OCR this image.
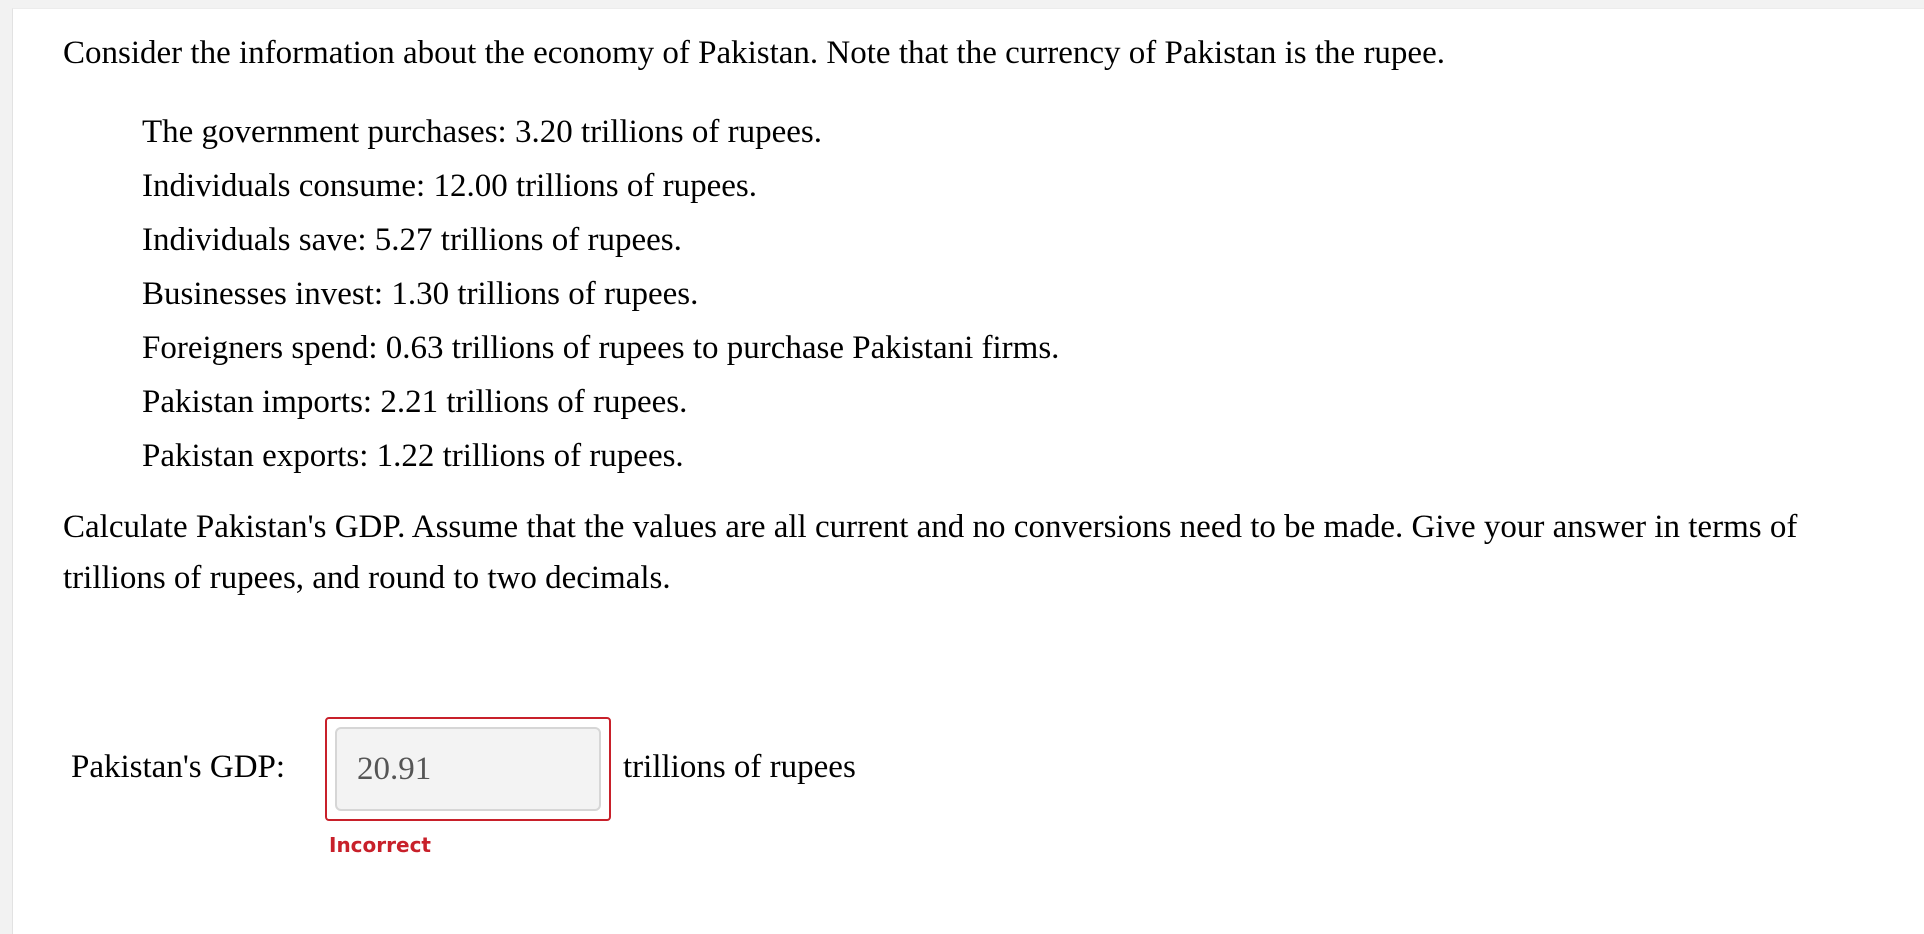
Consider the information about the economy of Pakistan. Note that the currency of Pakistan is the rupee.

The government purchases: 3.20 trillions of rupees.
Individuals consume: 12.00 trillions of rupees.
Individuals save: 5.27 trillions of rupees.
Businesses invest: 1.30 trillions of rupees.
Foreigners spend: 0.63 trillions of rupees to purchase Pakistani firms.
Pakistan imports: 2.21 trillions of rupees.
Pakistan exports: 1.22 trillions of rupees.

Calculate Pakistan's GDP. Assume that the values are all current and no conversions need to be made. Give your answer in terms of trillions of rupees, and round to two decimals.

Pakistan's GDP:
20.91	trillions of rupees
Incorrect
